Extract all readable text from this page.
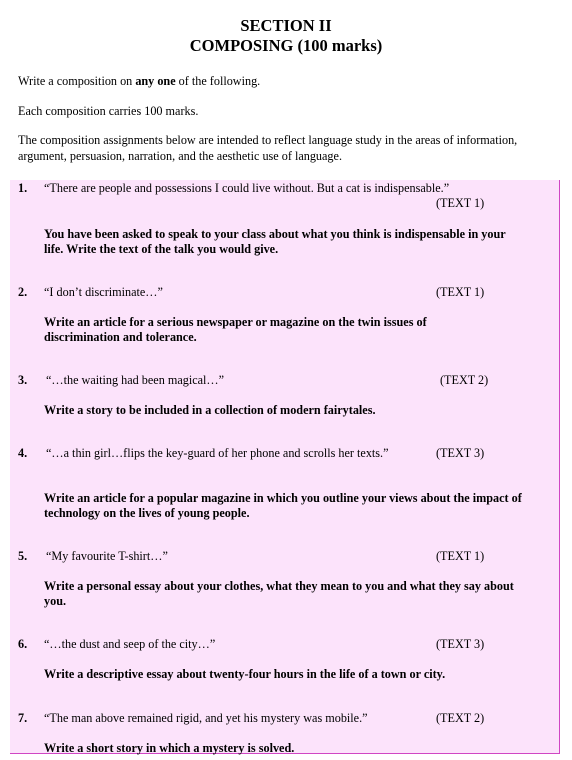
SECTION II
COMPOSING (100 marks)

Write a composition on any one of the following.

Each composition carries 100 marks.

The composition assignments below are intended to reflect language study in the areas of information, argument, persuasion, narration, and the aesthetic use of language.

1. “There are people and possessions I could live without. But a cat is indispensable.”
(TEXT 1)
You have been asked to speak to your class about what you think is indispensable in your life. Write the text of the talk you would give.
2. “I don’t discriminate…”	(TEXT 1)
Write an article for a serious newspaper or magazine on the twin issues of discrimination and tolerance.
3. “…the waiting had been magical…”	(TEXT 2)
Write a story to be included in a collection of modern fairytales.
4. “…a thin girl…flips the key-guard of her phone and scrolls her texts.”	(TEXT 3)
Write an article for a popular magazine in which you outline your views about the impact of technology on the lives of young people.
5. “My favourite T-shirt…”	(TEXT 1)
Write a personal essay about your clothes, what they mean to you and what they say about you.
6. “…the dust and seep of the city…”	(TEXT 3)
Write a descriptive essay about twenty-four hours in the life of a town or city.
7. “The man above remained rigid, and yet his mystery was mobile.”	(TEXT 2)
Write a short story in which a mystery is solved.
